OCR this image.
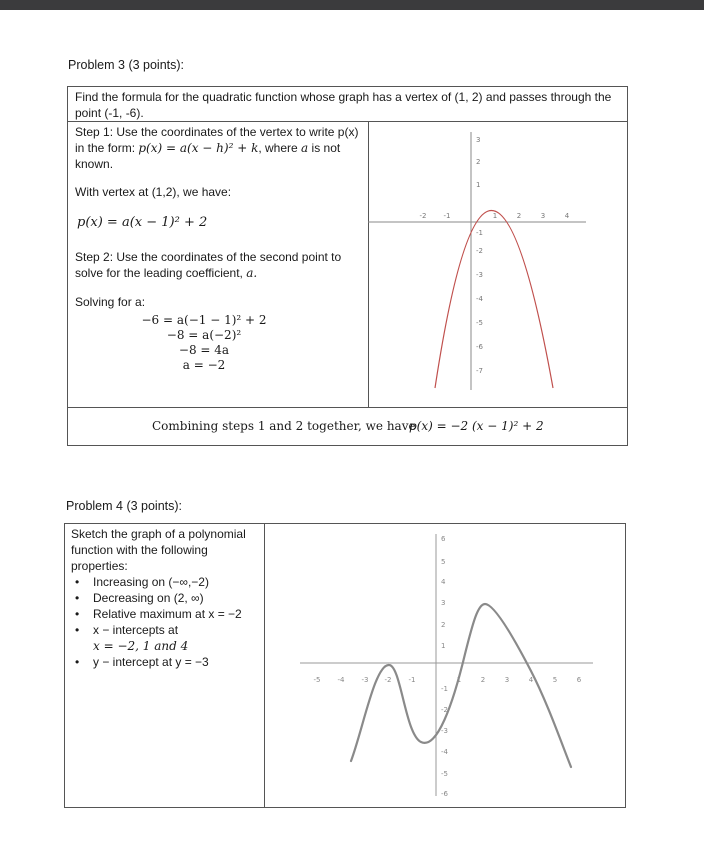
Problem 3 (3 points):
Find the formula for the quadratic function whose graph has a vertex of (1, 2) and passes through the point (-1, -6).
Step 1: Use the coordinates of the vertex to write p(x) in the form: p(x) = a(x − h)² + k, where a is not known.
With vertex at (1,2), we have:
p(x) = a(x − 1)² + 2
Step 2: Use the coordinates of the second point to solve for the leading coefficient, a.
Solving for a:
−6 = a(−1 − 1)² + 2
−8 = a(−2)²
−8 = 4a
a = −2
Combining steps 1 and 2 together, we have
p(x) = −2 (x − 1)² + 2
-2 -1	1	2	3	4
3
2
1
-1
-2
-3
-4
-5
-6
-7
Problem 4 (3 points):
Sketch the graph of a polynomial function with the following properties:
• Increasing on (−∞,−2)
• Decreasing on (2, ∞)
• Relative maximum at x = −2
• x − intercepts at
x = −2, 1 and 4
• y − intercept at y = −3
-5 -4 -3 -2 -1	1	2	3	4	5	6
6
5
4
3
2
1
-1
-2
-3
-4
-5
-6
